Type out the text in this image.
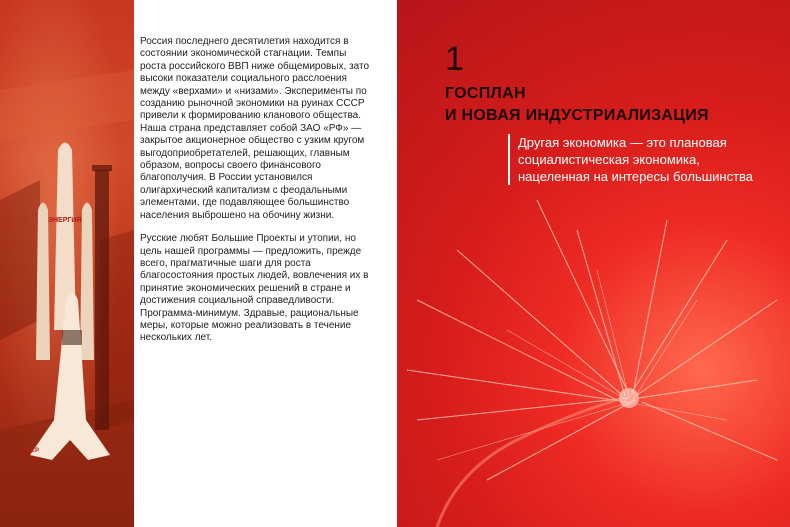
ЭНЕРГИЯ
СССР

Россия последнего десятилетия находится в состоянии экономической стагнации. Темпы роста российского ВВП ниже общемировых, зато высоки показатели социального расслоения между «верхами» и «низами». Эксперименты по созданию рыночной экономики на руинах СССР привели к формированию кланового общества. Наша страна представляет собой ЗАО «РФ» — закрытое акционерное общество с узким кругом выгодоприобретателей, решающих, главным образом, вопросы своего финансового благополучия. В России установился олигархический капитализм с феодальными элементами, где подавляющее большинство населения выброшено на обочину жизни.

Русские любят Большие Проекты и утопии, но цель нашей программы — предложить, прежде всего, прагматичные шаги для роста благосостояния простых людей, вовлечения их в принятие экономических решений в стране и достижения социальной справедливости. Программа-минимум. Здравые, рациональные меры, которые можно реализовать в течение нескольких лет.

1
ГОСПЛАН
И НОВАЯ ИНДУСТРИАЛИЗАЦИЯ
Другая экономика — это плановая
социалистическая экономика,
нацеленная на интересы большинства
